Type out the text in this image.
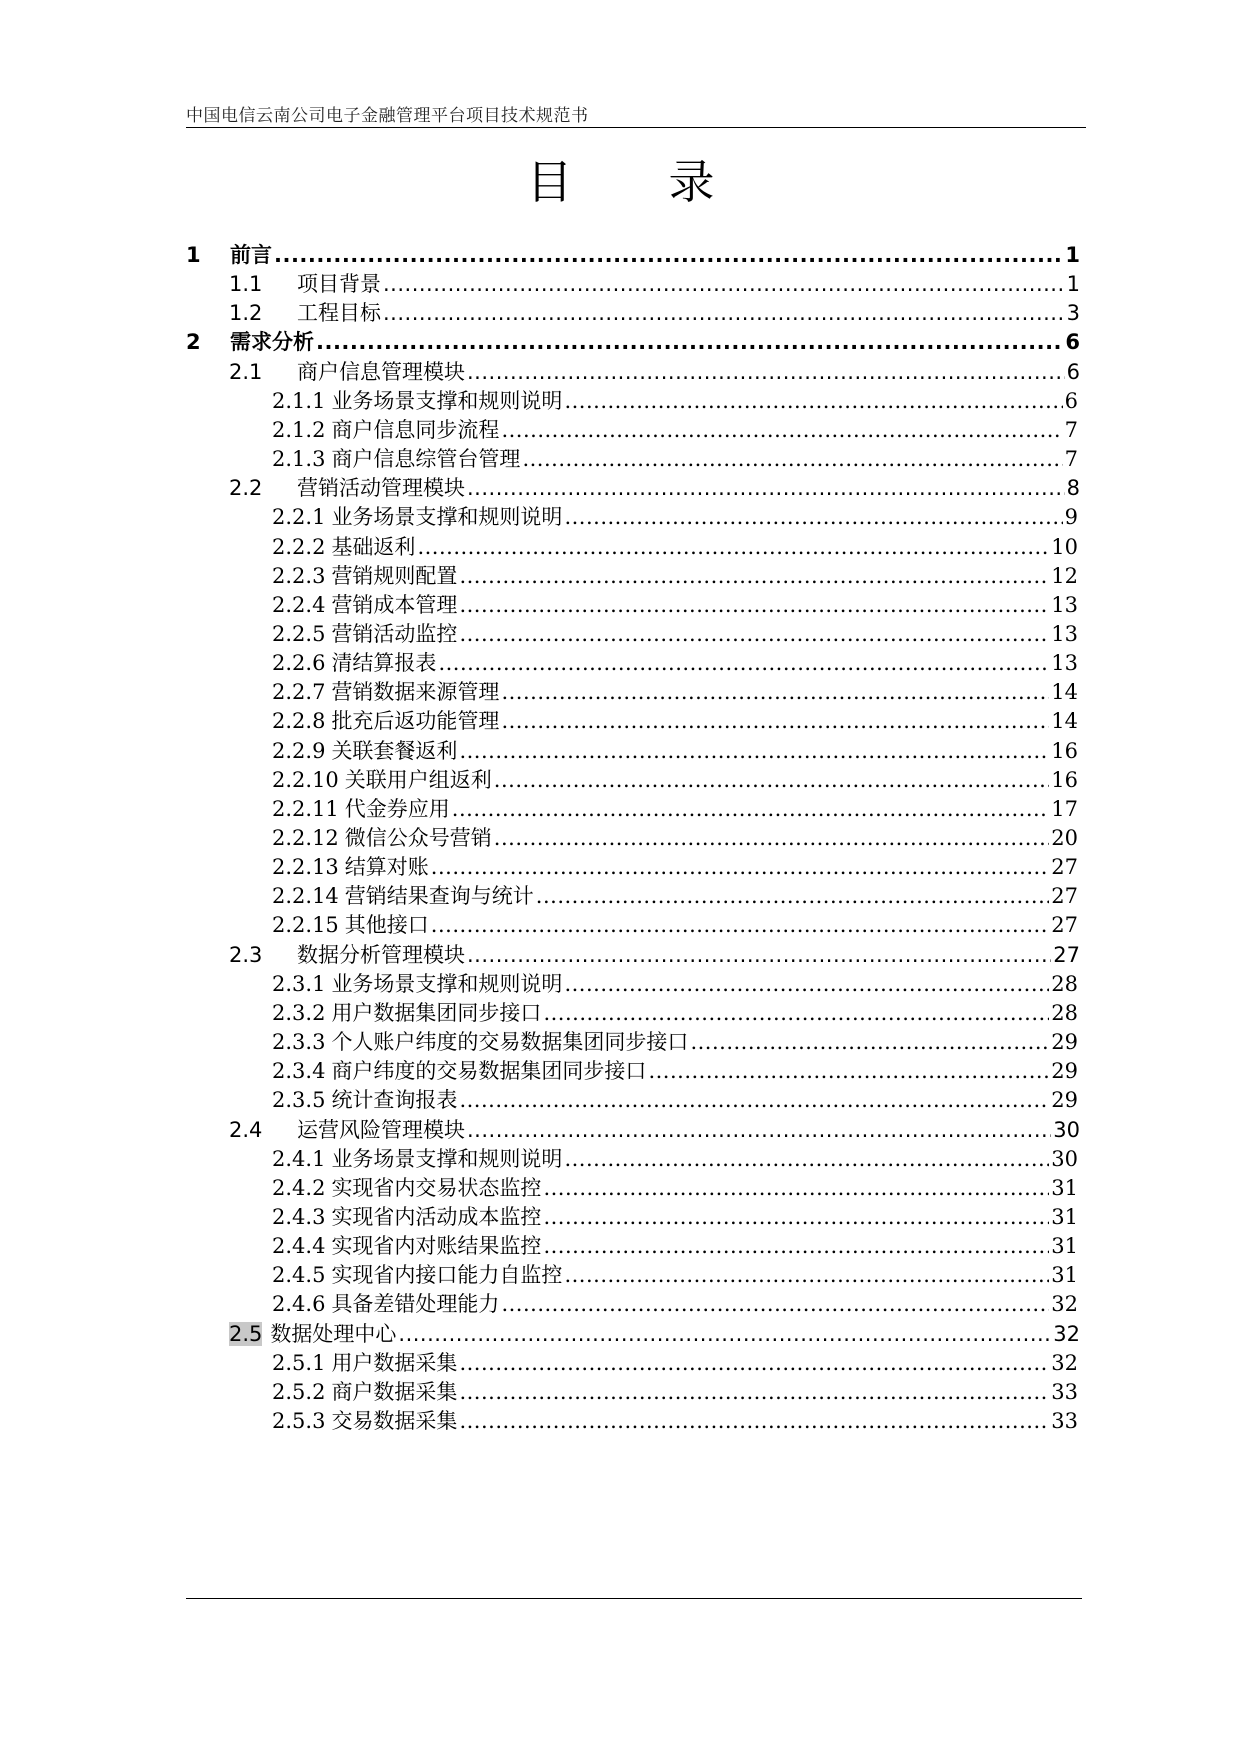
中国电信云南公司电子金融管理平台项目技术规范书
目录
1	前言 .....	1
1.1	项目背景 .....	1
1.2	工程目标 .....	3
2	需求分析 .....	6
2.1	商户信息管理模块 .....	6
2.1.1 业务场景支撑和规则说明 .....	6
2.1.2 商户信息同步流程 .....	7
2.1.3 商户信息综管台管理 .....	7
2.2	营销活动管理模块 .....	8
2.2.1 业务场景支撑和规则说明 .....	9
2.2.2 基础返利 .....	10
2.2.3 营销规则配置 .....	12
2.2.4 营销成本管理 .....	13
2.2.5 营销活动监控 .....	13
2.2.6 清结算报表 .....	13
2.2.7 营销数据来源管理 .....	14
2.2.8 批充后返功能管理 .....	14
2.2.9 关联套餐返利 .....	16
2.2.10 关联用户组返利 .....	16
2.2.11 代金券应用 .....	17
2.2.12 微信公众号营销 .....	20
2.2.13 结算对账 .....	27
2.2.14 营销结果查询与统计 .....	27
2.2.15 其他接口 .....	27
2.3	数据分析管理模块 .....	27
2.3.1 业务场景支撑和规则说明 .....	28
2.3.2 用户数据集团同步接口 .....	28
2.3.3 个人账户纬度的交易数据集团同步接口 .....	29
2.3.4 商户纬度的交易数据集团同步接口 .....	29
2.3.5 统计查询报表 .....	29
2.4	运营风险管理模块 .....	30
2.4.1 业务场景支撑和规则说明 .....	30
2.4.2 实现省内交易状态监控 .....	31
2.4.3 实现省内活动成本监控 .....	31
2.4.4 实现省内对账结果监控 .....	31
2.4.5 实现省内接口能力自监控 .....	31
2.4.6 具备差错处理能力 .....	32
2.5 数据处理中心 .....	32
2.5.1 用户数据采集 .....	32
2.5.2 商户数据采集 .....	33
2.5.3 交易数据采集 .....	33
